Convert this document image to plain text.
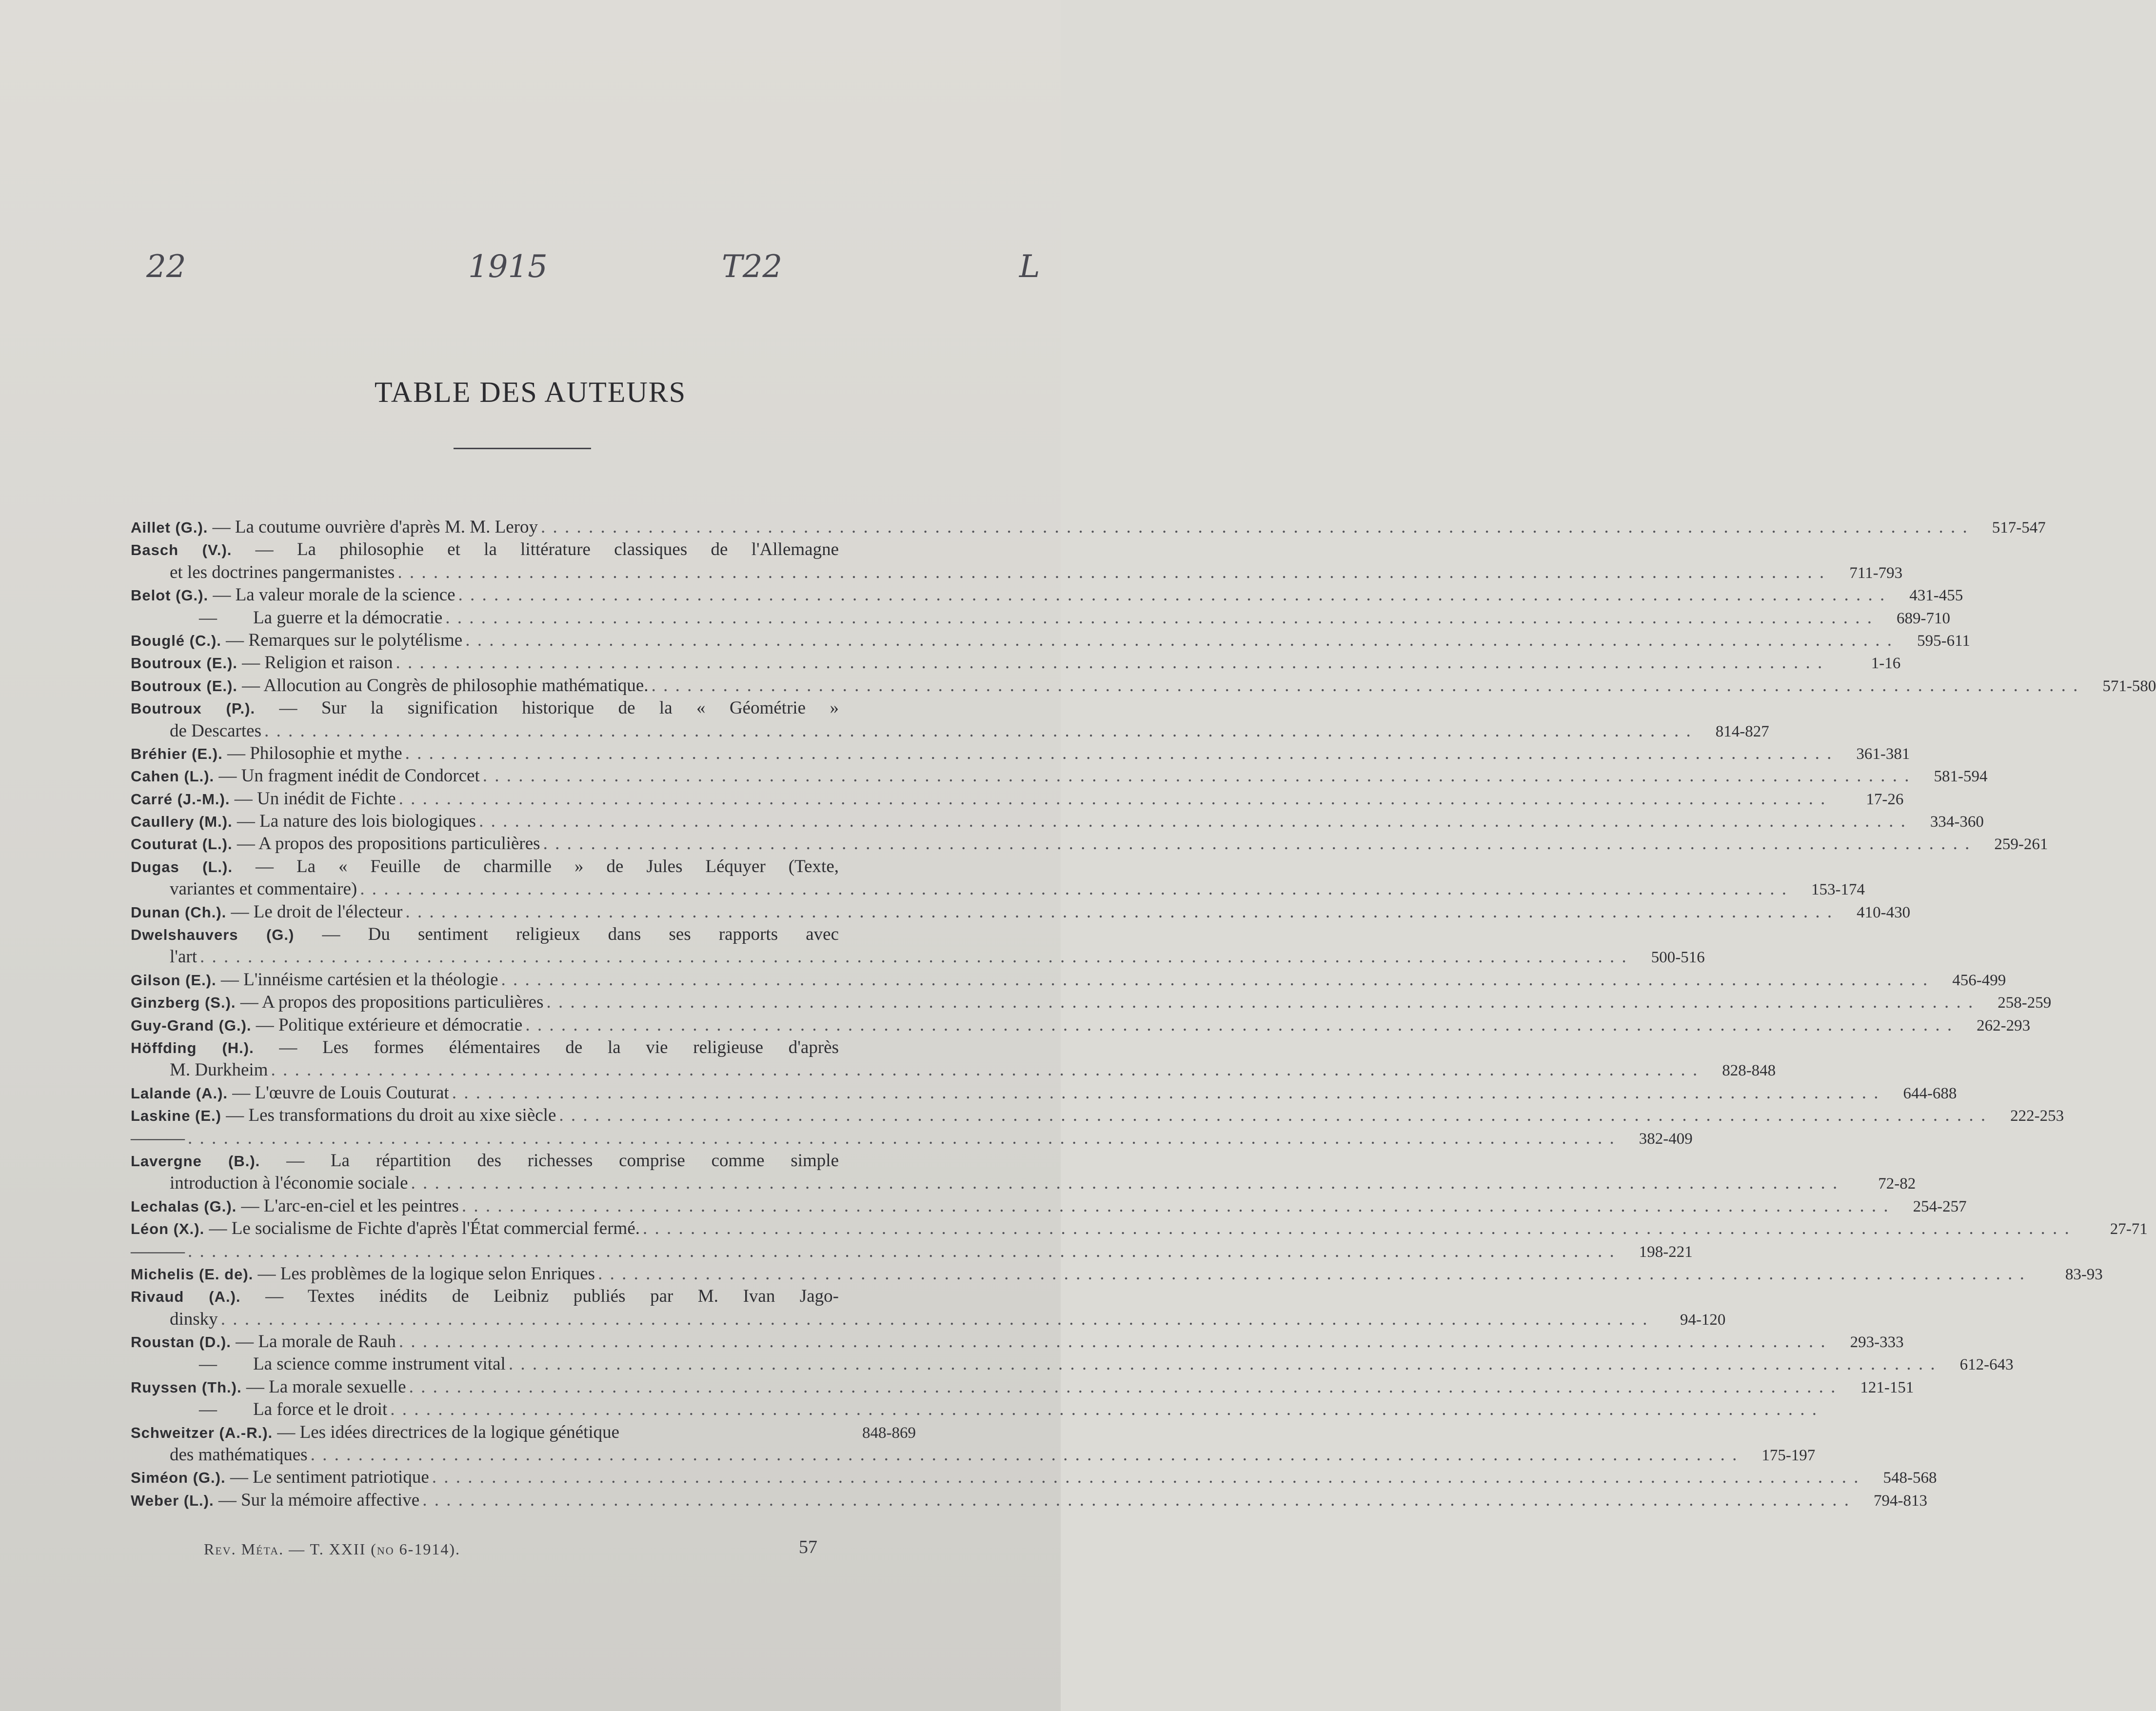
22	1915	T22	L
TABLE DES AUTEURS
Aillet (G.). — La coutume ouvrière d'après M. M. Leroy . . . . . . . . . . . . . . . . . . . . . . . . . . . . . . . . . . . . . . . . . . . . . . . . . . . . . . . . . . . . . . . . . . . . . . . . . . . . . . . . . . . . . . . . . . . . . . . . . . . . . . . . . . . . . . . . . . . . . . . .	517-547
Basch (V.). — La philosophie et la littérature classiques de l'Allemagne
et les doctrines pangermanistes . . . . . . . . . . . . . . . . . . . . . . . . . . . . . . . . . . . . . . . . . . . . . . . . . . . . . . . . . . . . . . . . . . . . . . . . . . . . . . . . . . . . . . . . . . . . . . . . . . . . . . . . . . . . . . . . . . . . . . . .	711-793
Belot (G.). — La valeur morale de la science . . . . . . . . . . . . . . . . . . . . . . . . . . . . . . . . . . . . . . . . . . . . . . . . . . . . . . . . . . . . . . . . . . . . . . . . . . . . . . . . . . . . . . . . . . . . . . . . . . . . . . . . . . . . . . . . . . . . . . . .	431-455
— La guerre et la démocratie . . . . . . . . . . . . . . . . . . . . . . . . . . . . . . . . . . . . . . . . . . . . . . . . . . . . . . . . . . . . . . . . . . . . . . . . . . . . . . . . . . . . . . . . . . . . . . . . . . . . . . . . . . . . . . . . . . . . . . . .	689-710
Bouglé (C.). — Remarques sur le polytélisme . . . . . . . . . . . . . . . . . . . . . . . . . . . . . . . . . . . . . . . . . . . . . . . . . . . . . . . . . . . . . . . . . . . . . . . . . . . . . . . . . . . . . . . . . . . . . . . . . . . . . . . . . . . . . . . . . . . . . . . .	595-611
Boutroux (E.). — Religion et raison . . . . . . . . . . . . . . . . . . . . . . . . . . . . . . . . . . . . . . . . . . . . . . . . . . . . . . . . . . . . . . . . . . . . . . . . . . . . . . . . . . . . . . . . . . . . . . . . . . . . . . . . . . . . . . . . . . . . . . . .	1-16
Boutroux (E.). — Allocution au Congrès de philosophie mathématique. . . . . . . . . . . . . . . . . . . . . . . . . . . . . . . . . . . . . . . . . . . . . . . . . . . . . . . . . . . . . . . . . . . . . . . . . . . . . . . . . . . . . . . . . . . . . . . . . . . . . . . . . . . . . . . . . . . . . . . . .	571-580
Boutroux (P.). — Sur la signification historique de la « Géométrie »
de Descartes . . . . . . . . . . . . . . . . . . . . . . . . . . . . . . . . . . . . . . . . . . . . . . . . . . . . . . . . . . . . . . . . . . . . . . . . . . . . . . . . . . . . . . . . . . . . . . . . . . . . . . . . . . . . . . . . . . . . . . . .	814-827
Bréhier (E.). — Philosophie et mythe . . . . . . . . . . . . . . . . . . . . . . . . . . . . . . . . . . . . . . . . . . . . . . . . . . . . . . . . . . . . . . . . . . . . . . . . . . . . . . . . . . . . . . . . . . . . . . . . . . . . . . . . . . . . . . . . . . . . . . . .	361-381
Cahen (L.). — Un fragment inédit de Condorcet . . . . . . . . . . . . . . . . . . . . . . . . . . . . . . . . . . . . . . . . . . . . . . . . . . . . . . . . . . . . . . . . . . . . . . . . . . . . . . . . . . . . . . . . . . . . . . . . . . . . . . . . . . . . . . . . . . . . . . . .	581-594
Carré (J.-M.). — Un inédit de Fichte . . . . . . . . . . . . . . . . . . . . . . . . . . . . . . . . . . . . . . . . . . . . . . . . . . . . . . . . . . . . . . . . . . . . . . . . . . . . . . . . . . . . . . . . . . . . . . . . . . . . . . . . . . . . . . . . . . . . . . . .	17-26
Caullery (M.). — La nature des lois biologiques . . . . . . . . . . . . . . . . . . . . . . . . . . . . . . . . . . . . . . . . . . . . . . . . . . . . . . . . . . . . . . . . . . . . . . . . . . . . . . . . . . . . . . . . . . . . . . . . . . . . . . . . . . . . . . . . . . . . . . . .	334-360
Couturat (L.). — A propos des propositions particulières . . . . . . . . . . . . . . . . . . . . . . . . . . . . . . . . . . . . . . . . . . . . . . . . . . . . . . . . . . . . . . . . . . . . . . . . . . . . . . . . . . . . . . . . . . . . . . . . . . . . . . . . . . . . . . . . . . . . . . . .	259-261
Dugas (L.). — La « Feuille de charmille » de Jules Léquyer (Texte,
variantes et commentaire) . . . . . . . . . . . . . . . . . . . . . . . . . . . . . . . . . . . . . . . . . . . . . . . . . . . . . . . . . . . . . . . . . . . . . . . . . . . . . . . . . . . . . . . . . . . . . . . . . . . . . . . . . . . . . . . . . . . . . . . .	153-174
Dunan (Ch.). — Le droit de l'électeur . . . . . . . . . . . . . . . . . . . . . . . . . . . . . . . . . . . . . . . . . . . . . . . . . . . . . . . . . . . . . . . . . . . . . . . . . . . . . . . . . . . . . . . . . . . . . . . . . . . . . . . . . . . . . . . . . . . . . . . .	410-430
Dwelshauvers (G.) — Du sentiment religieux dans ses rapports avec
l'art . . . . . . . . . . . . . . . . . . . . . . . . . . . . . . . . . . . . . . . . . . . . . . . . . . . . . . . . . . . . . . . . . . . . . . . . . . . . . . . . . . . . . . . . . . . . . . . . . . . . . . . . . . . . . . . . . . . . . . . .	500-516
Gilson (E.). — L'innéisme cartésien et la théologie . . . . . . . . . . . . . . . . . . . . . . . . . . . . . . . . . . . . . . . . . . . . . . . . . . . . . . . . . . . . . . . . . . . . . . . . . . . . . . . . . . . . . . . . . . . . . . . . . . . . . . . . . . . . . . . . . . . . . . . .	456-499
Ginzberg (S.). — A propos des propositions particulières . . . . . . . . . . . . . . . . . . . . . . . . . . . . . . . . . . . . . . . . . . . . . . . . . . . . . . . . . . . . . . . . . . . . . . . . . . . . . . . . . . . . . . . . . . . . . . . . . . . . . . . . . . . . . . . . . . . . . . . .	258-259
Guy-Grand (G.). — Politique extérieure et démocratie . . . . . . . . . . . . . . . . . . . . . . . . . . . . . . . . . . . . . . . . . . . . . . . . . . . . . . . . . . . . . . . . . . . . . . . . . . . . . . . . . . . . . . . . . . . . . . . . . . . . . . . . . . . . . . . . . . . . . . . .	262-293
Höffding (H.). — Les formes élémentaires de la vie religieuse d'après
M. Durkheim . . . . . . . . . . . . . . . . . . . . . . . . . . . . . . . . . . . . . . . . . . . . . . . . . . . . . . . . . . . . . . . . . . . . . . . . . . . . . . . . . . . . . . . . . . . . . . . . . . . . . . . . . . . . . . . . . . . . . . . .	828-848
Lalande (A.). — L'œuvre de Louis Couturat . . . . . . . . . . . . . . . . . . . . . . . . . . . . . . . . . . . . . . . . . . . . . . . . . . . . . . . . . . . . . . . . . . . . . . . . . . . . . . . . . . . . . . . . . . . . . . . . . . . . . . . . . . . . . . . . . . . . . . . .	644-688
Laskine (E.) — Les transformations du droit au xixe siècle . . . . . . . . . . . . . . . . . . . . . . . . . . . . . . . . . . . . . . . . . . . . . . . . . . . . . . . . . . . . . . . . . . . . . . . . . . . . . . . . . . . . . . . . . . . . . . . . . . . . . . . . . . . . . . . . . . . . . . . .	222-253
— — — . . . . . . . . . . . . . . . . . . . . . . . . . . . . . . . . . . . . . . . . . . . . . . . . . . . . . . . . . . . . . . . . . . . . . . . . . . . . . . . . . . . . . . . . . . . . . . . . . . . . . . . . . . . . . . . . . . . . . . . .	382-409
Lavergne (B.). — La répartition des richesses comprise comme simple
introduction à l'économie sociale . . . . . . . . . . . . . . . . . . . . . . . . . . . . . . . . . . . . . . . . . . . . . . . . . . . . . . . . . . . . . . . . . . . . . . . . . . . . . . . . . . . . . . . . . . . . . . . . . . . . . . . . . . . . . . . . . . . . . . . .	72-82
Lechalas (G.). — L'arc-en-ciel et les peintres . . . . . . . . . . . . . . . . . . . . . . . . . . . . . . . . . . . . . . . . . . . . . . . . . . . . . . . . . . . . . . . . . . . . . . . . . . . . . . . . . . . . . . . . . . . . . . . . . . . . . . . . . . . . . . . . . . . . . . . .	254-257
Léon (X.). — Le socialisme de Fichte d'après l'État commercial fermé. . . . . . . . . . . . . . . . . . . . . . . . . . . . . . . . . . . . . . . . . . . . . . . . . . . . . . . . . . . . . . . . . . . . . . . . . . . . . . . . . . . . . . . . . . . . . . . . . . . . . . . . . . . . . . . . . . . . . . . . .	27-71
— — — . . . . . . . . . . . . . . . . . . . . . . . . . . . . . . . . . . . . . . . . . . . . . . . . . . . . . . . . . . . . . . . . . . . . . . . . . . . . . . . . . . . . . . . . . . . . . . . . . . . . . . . . . . . . . . . . . . . . . . . .	198-221
Michelis (E. de). — Les problèmes de la logique selon Enriques . . . . . . . . . . . . . . . . . . . . . . . . . . . . . . . . . . . . . . . . . . . . . . . . . . . . . . . . . . . . . . . . . . . . . . . . . . . . . . . . . . . . . . . . . . . . . . . . . . . . . . . . . . . . . . . . . . . . . . . .	83-93
Rivaud (A.). — Textes inédits de Leibniz publiés par M. Ivan Jago-
dinsky . . . . . . . . . . . . . . . . . . . . . . . . . . . . . . . . . . . . . . . . . . . . . . . . . . . . . . . . . . . . . . . . . . . . . . . . . . . . . . . . . . . . . . . . . . . . . . . . . . . . . . . . . . . . . . . . . . . . . . . .	94-120
Roustan (D.). — La morale de Rauh . . . . . . . . . . . . . . . . . . . . . . . . . . . . . . . . . . . . . . . . . . . . . . . . . . . . . . . . . . . . . . . . . . . . . . . . . . . . . . . . . . . . . . . . . . . . . . . . . . . . . . . . . . . . . . . . . . . . . . . .	293-333
— La science comme instrument vital . . . . . . . . . . . . . . . . . . . . . . . . . . . . . . . . . . . . . . . . . . . . . . . . . . . . . . . . . . . . . . . . . . . . . . . . . . . . . . . . . . . . . . . . . . . . . . . . . . . . . . . . . . . . . . . . . . . . . . . .	612-643
Ruyssen (Th.). — La morale sexuelle . . . . . . . . . . . . . . . . . . . . . . . . . . . . . . . . . . . . . . . . . . . . . . . . . . . . . . . . . . . . . . . . . . . . . . . . . . . . . . . . . . . . . . . . . . . . . . . . . . . . . . . . . . . . . . . . . . . . . . . .	121-151
— La force et le droit . . . . . . . . . . . . . . . . . . . . . . . . . . . . . . . . . . . . . . . . . . . . . . . . . . . . . . . . . . . . . . . . . . . . . . . . . . . . . . . . . . . . . . . . . . . . . . . . . . . . . . . . . . . . . . . . . . . . . . . .
Schweitzer (A.-R.). — Les idées directrices de la logique génétique	848-869
des mathématiques . . . . . . . . . . . . . . . . . . . . . . . . . . . . . . . . . . . . . . . . . . . . . . . . . . . . . . . . . . . . . . . . . . . . . . . . . . . . . . . . . . . . . . . . . . . . . . . . . . . . . . . . . . . . . . . . . . . . . . . .	175-197
Siméon (G.). — Le sentiment patriotique . . . . . . . . . . . . . . . . . . . . . . . . . . . . . . . . . . . . . . . . . . . . . . . . . . . . . . . . . . . . . . . . . . . . . . . . . . . . . . . . . . . . . . . . . . . . . . . . . . . . . . . . . . . . . . . . . . . . . . . .	548-568
Weber (L.). — Sur la mémoire affective . . . . . . . . . . . . . . . . . . . . . . . . . . . . . . . . . . . . . . . . . . . . . . . . . . . . . . . . . . . . . . . . . . . . . . . . . . . . . . . . . . . . . . . . . . . . . . . . . . . . . . . . . . . . . . . . . . . . . . . .	794-813
Rev. Méta. — T. XXII (no 6-1914).	57
